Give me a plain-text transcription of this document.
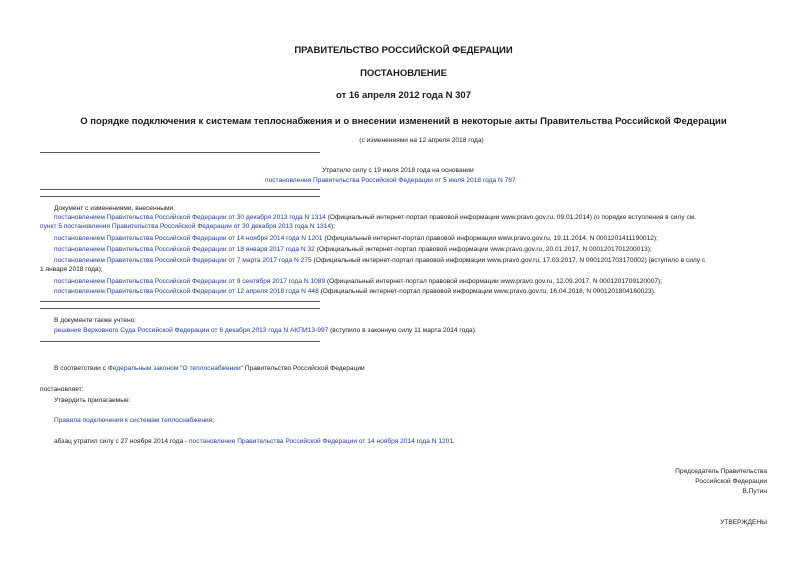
ПРАВИТЕЛЬСТВО РОССИЙСКОЙ ФЕДЕРАЦИИ
ПОСТАНОВЛЕНИЕ
от 16 апреля 2012 года N 307
О порядке подключения к системам теплоснабжения и о внесении изменений в некоторые акты Правительства Российской Федерации
(с изменениями на 12 апреля 2018 года)
Утратило силу с 19 июля 2018 года на основании
постановления Правительства Российской Федерации от 5 июля 2018 года N 787
Документ с изменениями, внесенными:
постановлением Правительства Российской Федерации от 30 декабря 2013 года N 1314 (Официальный интернет-портал правовой информации www.pravo.gov.ru, 09.01.2014) (о порядке вступления в силу см.
пункт 5 постановления Правительства Российской Федерации от 30 декабря 2013 года N 1314);
постановлением Правительства Российской Федерации от 14 ноября 2014 года N 1201 (Официальный интернет-портал правовой информации www.pravo.gov.ru, 19.11.2014, N 0001201411190012);
постановлением Правительства Российской Федерации от 18 января 2017 года N 32 (Официальный интернет-портал правовой информации www.pravo.gov.ru, 20.01.2017, N 0001201701200013);
постановлением Правительства Российской Федерации от 7 марта 2017 года N 275 (Официальный интернет-портал правовой информации www.pravo.gov.ru, 17.03.2017, N 0001201703170002) (вступило в силу с
1 января 2018 года);
постановлением Правительства Российской Федерации от 9 сентября 2017 года N 1089 (Официальный интернет-портал правовой информации www.pravo.gov.ru, 12.09.2017, N 0001201709120007);
постановлением Правительства Российской Федерации от 12 апреля 2018 года N 448 (Официальный интернет-портал правовой информации www.pravo.gov.ru, 16.04.2018, N 0001201804160023).
В документе также учтено:
решение Верховного Суда Российской Федерации от 6 декабря 2013 года N АКПИ13-997 (вступило в законную силу 11 марта 2014 года).
В соответствии с Федеральным законом "О теплоснабжении" Правительство Российской Федерации
постановляет:
Утвердить прилагаемые:
Правила подключения к системам теплоснабжения;
абзац утратил силу с 27 ноября 2014 года - постановление Правительства Российской Федерации от 14 ноября 2014 года N 1201.
Председатель Правительства
Российской Федерации
В.Путин
УТВЕРЖДЕНЫ
